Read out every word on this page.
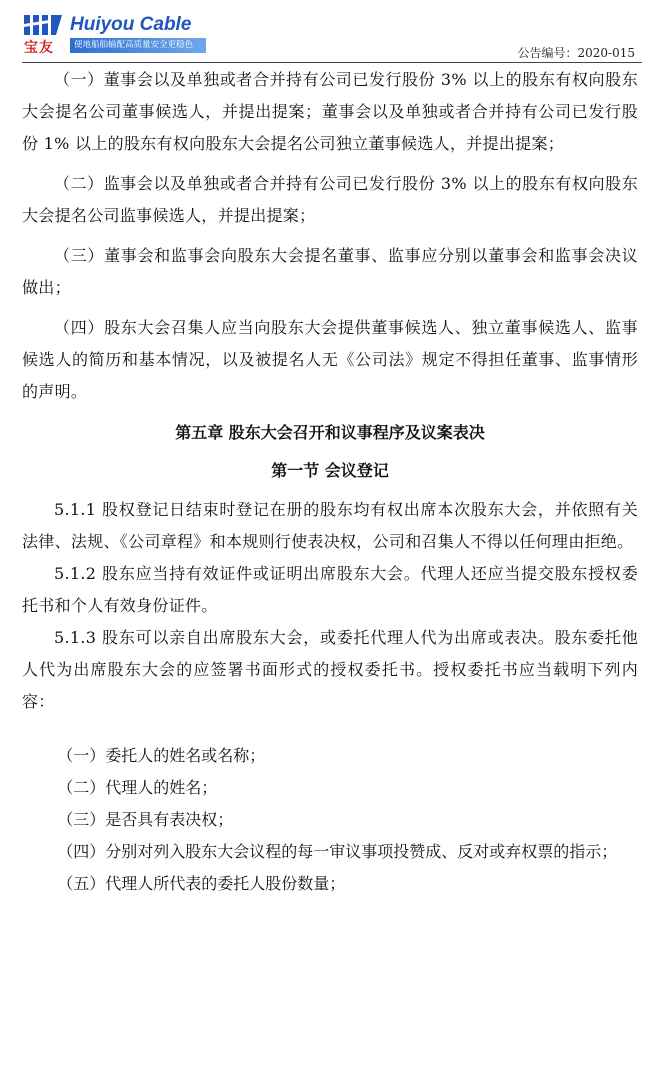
宝友
Huiyou Cable
便地船舶输配高质量安全更稳色
公告编号：2020-015

（一）董事会以及单独或者合并持有公司已发行股份 3% 以上的股东有权向股东大会提名公司董事候选人，并提出提案；董事会以及单独或者合并持有公司已发行股份 1% 以上的股东有权向股东大会提名公司独立董事候选人，并提出提案；

（二）监事会以及单独或者合并持有公司已发行股份 3% 以上的股东有权向股东大会提名公司监事候选人，并提出提案；

（三）董事会和监事会向股东大会提名董事、监事应分别以董事会和监事会决议做出；

（四）股东大会召集人应当向股东大会提供董事候选人、独立董事候选人、监事候选人的简历和基本情况，以及被提名人无《公司法》规定不得担任董事、监事情形的声明。

第五章 股东大会召开和议事程序及议案表决

第一节 会议登记

5.1.1 股权登记日结束时登记在册的股东均有权出席本次股东大会，并依照有关法律、法规、《公司章程》和本规则行使表决权，公司和召集人不得以任何理由拒绝。

5.1.2 股东应当持有效证件或证明出席股东大会。代理人还应当提交股东授权委托书和个人有效身份证件。

5.1.3 股东可以亲自出席股东大会，或委托代理人代为出席或表决。股东委托他人代为出席股东大会的应签署书面形式的授权委托书。授权委托书应当载明下列内容：

（一）委托人的姓名或名称；

（二）代理人的姓名；

（三）是否具有表决权；

（四）分别对列入股东大会议程的每一审议事项投赞成、反对或弃权票的指示；

（五）代理人所代表的委托人股份数量；
